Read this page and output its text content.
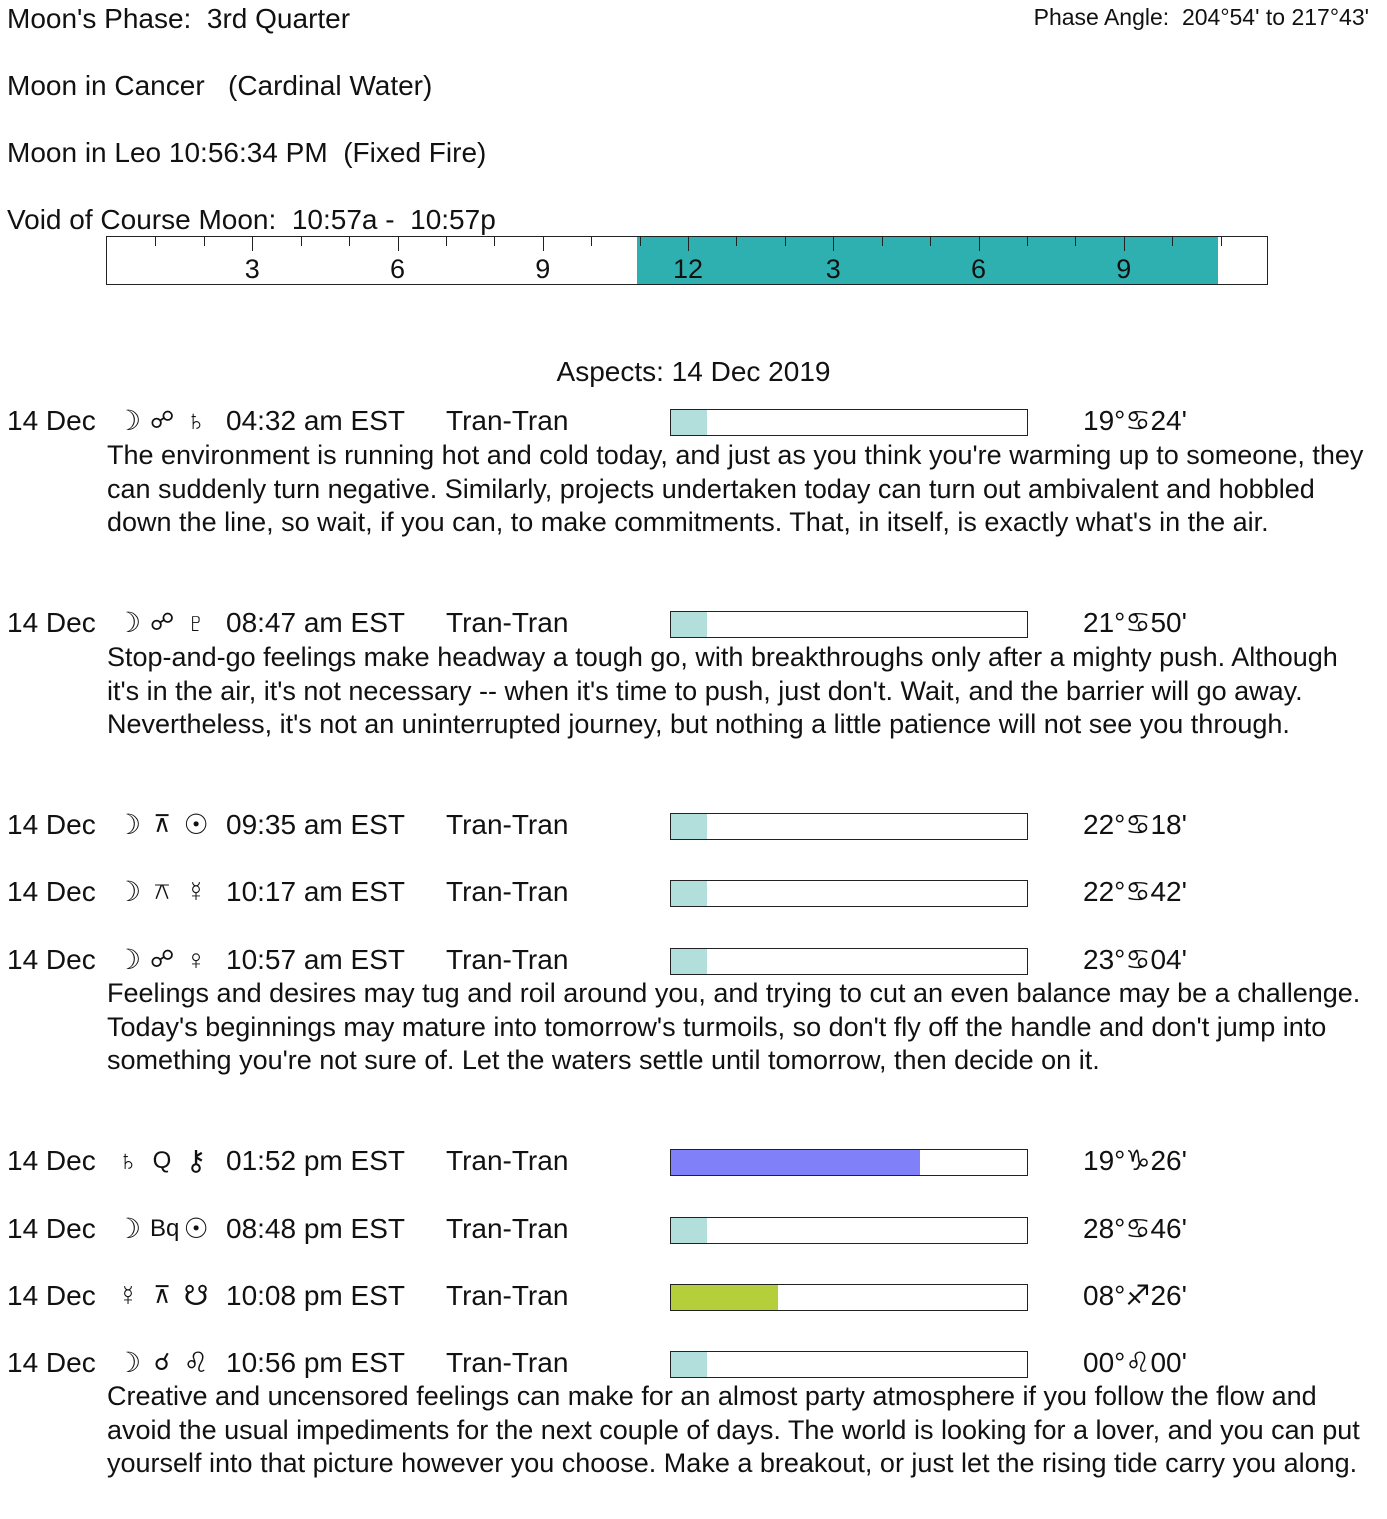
Moon's Phase:  3rd Quarter	Phase Angle:  204°54' to 217°43'
Moon in Cancer   (Cardinal Water)
Moon in Leo 10:56:34 PM  (Fixed Fire)
Void of Course Moon:  10:57a -  10:57p
3	6	9	12	3	6	9
Aspects: 14 Dec 2019
14 Dec ☽ ☍ ♄ 04:32 am EST Tran-Tran	19°♋24'

The environment is running hot and cold today, and just as you think you're warming up to someone, they can suddenly turn negative. Similarly, projects undertaken today can turn out ambivalent and hobbled down the line, so wait, if you can, to make commitments. That, in itself, is exactly what's in the air.

14 Dec ☽ ☍ ♇ 08:47 am EST Tran-Tran	21°♋50'

Stop-and-go feelings make headway a tough go, with breakthroughs only after a mighty push. Although it's in the air, it's not necessary -- when it's time to push, just don't. Wait, and the barrier will go away. Nevertheless, it's not an uninterrupted journey, but nothing a little patience will not see you through.

14 Dec ☽ ⊼ ☉ 09:35 am EST Tran-Tran	22°♋18'
14 Dec ☽ ⚻ ☿ 10:17 am EST Tran-Tran	22°♋42'
14 Dec ☽ ☍ ♀ 10:57 am EST Tran-Tran	23°♋04'

Feelings and desires may tug and roil around you, and trying to cut an even balance may be a challenge. Today's beginnings may mature into tomorrow's turmoils, so don't fly off the handle and don't jump into something you're not sure of. Let the waters settle until tomorrow, then decide on it.

14 Dec ♄ Q ⚷ 01:52 pm EST Tran-Tran	19°♑26'
14 Dec ☽ Bq ☉ 08:48 pm EST Tran-Tran	28°♋46'
14 Dec ☿ ⊼ ☋ 10:08 pm EST Tran-Tran	08°♐26'
14 Dec ☽ ☌ ♌ 10:56 pm EST Tran-Tran	00°♌00'

Creative and uncensored feelings can make for an almost party atmosphere if you follow the flow and avoid the usual impediments for the next couple of days. The world is looking for a lover, and you can put yourself into that picture however you choose. Make a breakout, or just let the rising tide carry you along.
